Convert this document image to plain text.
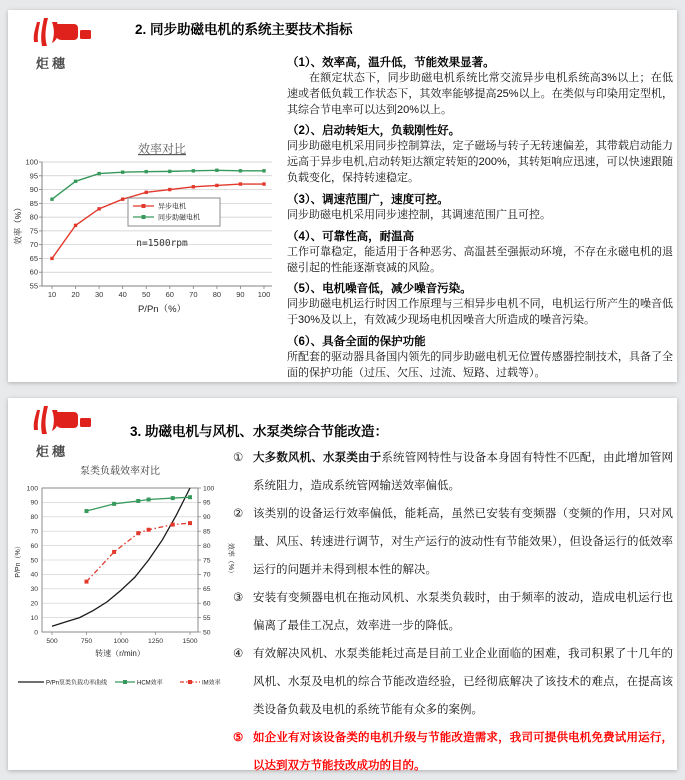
炬穗
2. 同步助磁电机的系统主要技术指标
55
60
65
70
75
80
85
90
95
100
10 20 30 40 50 60 70 80 90 100
效率对比
P/Pn（%）
效率（%）	异步电机
同步助磁电机
n=1500rpm
（1）、效率高，温升低，节能效果显著。
在额定状态下，同步助磁电机系统比常交流异步电机系统高3%以上；在低速或者低负载工作状态下，其效率能够提高25%以上。在类似与印染用定型机，其综合节电率可以达到20%以上。
（2）、启动转矩大，负载刚性好。
同步助磁电机采用同步控制算法，定子磁场与转子无转速偏差，其带载启动能力远高于异步电机,启动转矩达额定转矩的200%，其转矩响应迅速，可以快速跟随负载变化，保持转速稳定。
（3）、调速范围广，速度可控。
同步助磁电机采用同步速控制，其调速范围广且可控。
（4）、可靠性高，耐温高
工作可靠稳定，能适用于各种恶劣、高温甚至强振动环境，不存在永磁电机的退磁引起的性能逐渐衰减的风险。
（5）、电机噪音低，减少噪音污染。
同步助磁电机运行时因工作原理与三相异步电机不同，电机运行所产生的噪音低于30%及以上，有效减少现场电机因噪音大所造成的噪音污染。
（6）、具备全面的保护功能
所配套的驱动器具备国内领先的同步助磁电机无位置传感器控制技术，具备了全面的保护功能（过压、欠压、过流、短路、过载等）。
炬穗
3. 助磁电机与风机、水泵类综合节能改造：
0
10
20
30
40
50
60
70
80
90
100
50
55
60
65
70
75
80
85
90
95
100
500	750	1000	1250	1500
泵类负载效率对比
转速（r/min）
P/Pn（%）	效率（%）
P/Pn泵类负载功率曲线	HCM效率	IM效率
① 大多数风机、水泵类由于系统管网特性与设备本身固有特性不匹配，由此增加管网系统阻力，造成系统管网输送效率偏低。
② 该类别的设备运行效率偏低，能耗高，虽然已安装有变频器（变频的作用，只对风量、风压、转速进行调节，对生产运行的波动性有节能效果），但设备运行的低效率运行的问题并未得到根本性的解决。
③ 安装有变频器电机在拖动风机、水泵类负载时，由于频率的波动，造成电机运行也偏离了最佳工况点，效率进一步的降低。
④ 有效解决风机、水泵类能耗过高是目前工业企业面临的困难，我司积累了十几年的风机、水泵及电机的综合节能改造经验，已经彻底解决了该技术的难点，在提高该类设备负载及电机的系统节能有众多的案例。
⑤ 如企业有对该设备类的电机升级与节能改造需求，我司可提供电机免费试用运行，以达到双方节能技改成功的目的。
